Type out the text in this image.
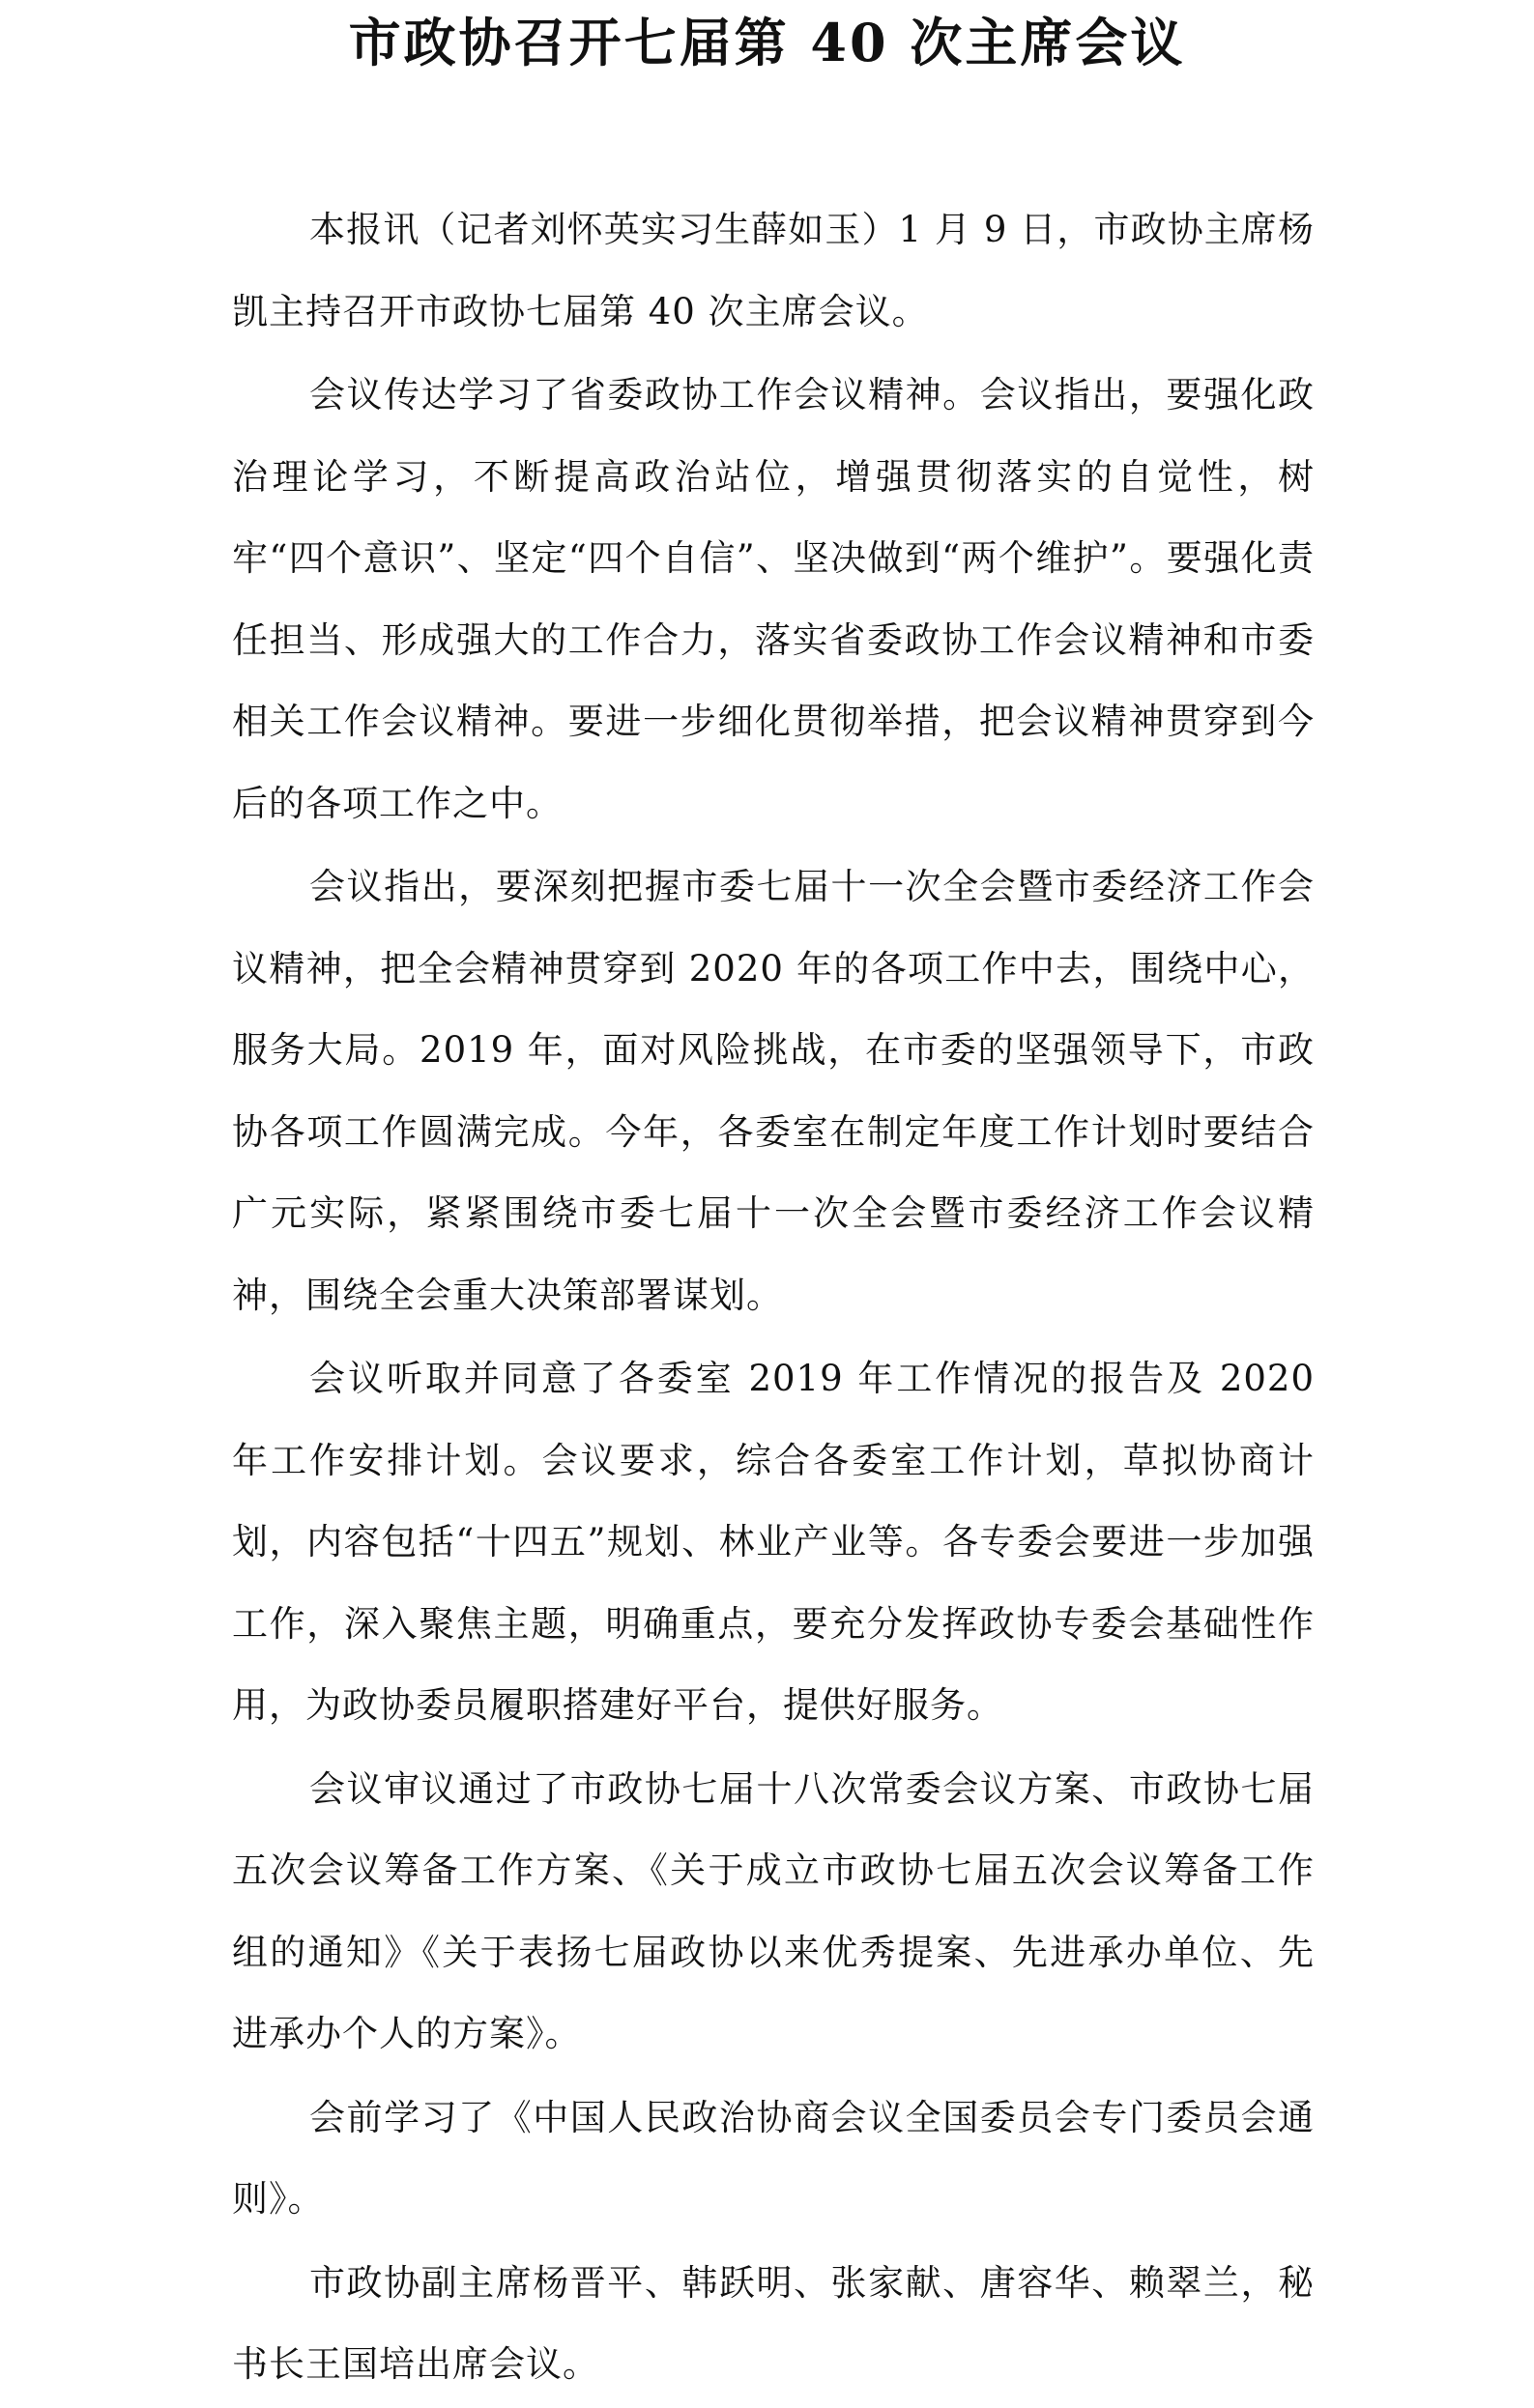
市政协召开七届第 40 次主席会议

本报讯（记者刘怀英实习生薛如玉）1 月 9 日，市政协主席杨凯主持召开市政协七届第 40 次主席会议。

会议传达学习了省委政协工作会议精神。会议指出，要强化政治理论学习，不断提高政治站位，增强贯彻落实的自觉性，树牢“四个意识”、坚定“四个自信”、坚决做到“两个维护”。要强化责任担当、形成强大的工作合力，落实省委政协工作会议精神和市委相关工作会议精神。要进一步细化贯彻举措，把会议精神贯穿到今后的各项工作之中。

会议指出，要深刻把握市委七届十一次全会暨市委经济工作会议精神，把全会精神贯穿到 2020 年的各项工作中去，围绕中心，服务大局。2019 年，面对风险挑战，在市委的坚强领导下，市政协各项工作圆满完成。今年，各委室在制定年度工作计划时要结合广元实际，紧紧围绕市委七届十一次全会暨市委经济工作会议精神，围绕全会重大决策部署谋划。

会议听取并同意了各委室 2019 年工作情况的报告及 2020 年工作安排计划。会议要求，综合各委室工作计划，草拟协商计划，内容包括“十四五”规划、林业产业等。各专委会要进一步加强工作，深入聚焦主题，明确重点，要充分发挥政协专委会基础性作用，为政协委员履职搭建好平台，提供好服务。

会议审议通过了市政协七届十八次常委会议方案、市政协七届五次会议筹备工作方案、《关于成立市政协七届五次会议筹备工作组的通知》《关于表扬七届政协以来优秀提案、先进承办单位、先进承办个人的方案》。

会前学习了《中国人民政治协商会议全国委员会专门委员会通则》。

市政协副主席杨晋平、韩跃明、张家献、唐容华、赖翠兰，秘书长王国培出席会议。
